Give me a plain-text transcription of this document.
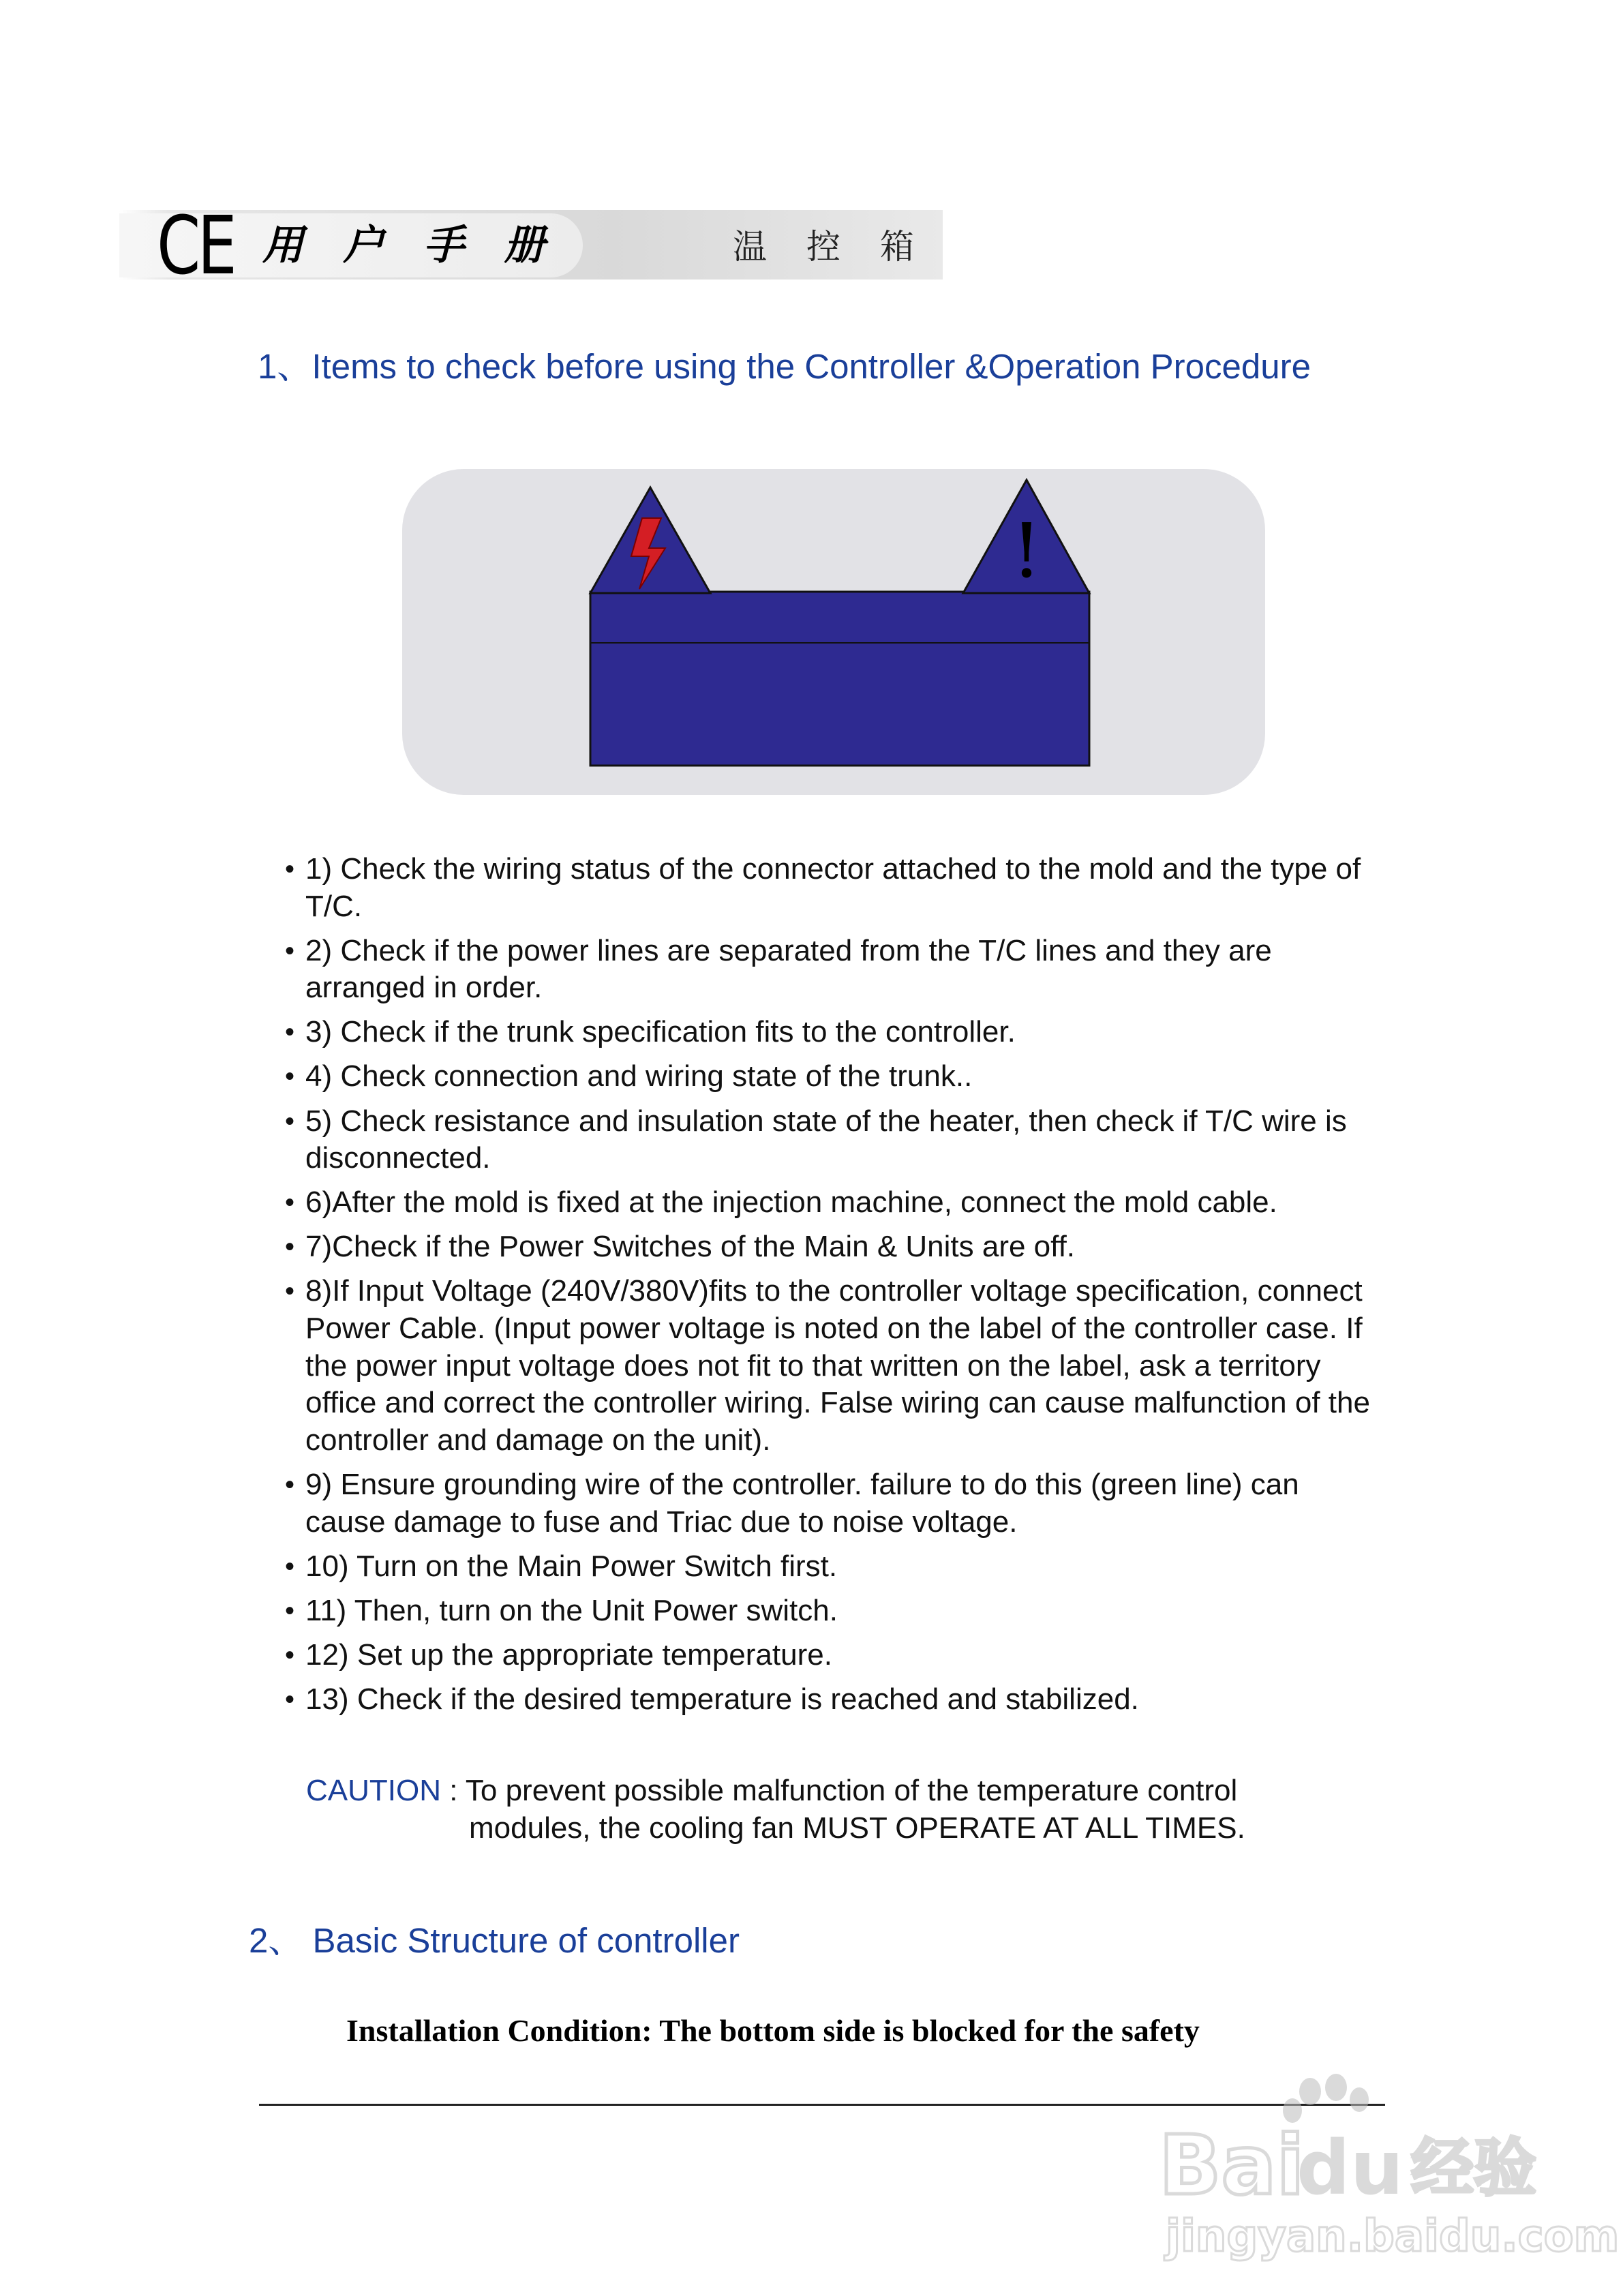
CE 用户手册	温控箱
1、Items to check before using the Controller &Operation Procedure
!
• 1) Check the wiring status of the connector attached to the mold and the type of T/C.
• 2) Check if the power lines are separated from the T/C lines and they are arranged in order.
• 3) Check if the trunk specification fits to the controller.
• 4) Check connection and wiring state of the trunk..
• 5) Check resistance and insulation state of the heater, then check if T/C wire is disconnected.
• 6)After the mold is fixed at the injection machine, connect the mold cable.
• 7)Check if the Power Switches of the Main & Units are off.
• 8)If Input Voltage (240V/380V)fits to the controller voltage specification, connect Power Cable. (Input power voltage is noted on the label of the controller case. If the power input voltage does not fit to that written on the label, ask a territory office and correct the controller wiring. False wiring can cause malfunction of the controller and damage on the unit).
• 9) Ensure grounding wire of the controller. failure to do this (green line) can cause damage to fuse and Triac due to noise voltage.
• 10) Turn on the Main Power Switch first.
• 11) Then, turn on the Unit Power switch.
• 12) Set up the appropriate temperature.
• 13) Check if the desired temperature is reached and stabilized.
CAUTION : To prevent possible malfunction of the temperature control
modules, the cooling fan MUST OPERATE AT ALL TIMES.
2、 Basic Structure of controller
Installation Condition: The bottom side is blocked for the safety
Bai
du 经验
jingyan.baidu.com
